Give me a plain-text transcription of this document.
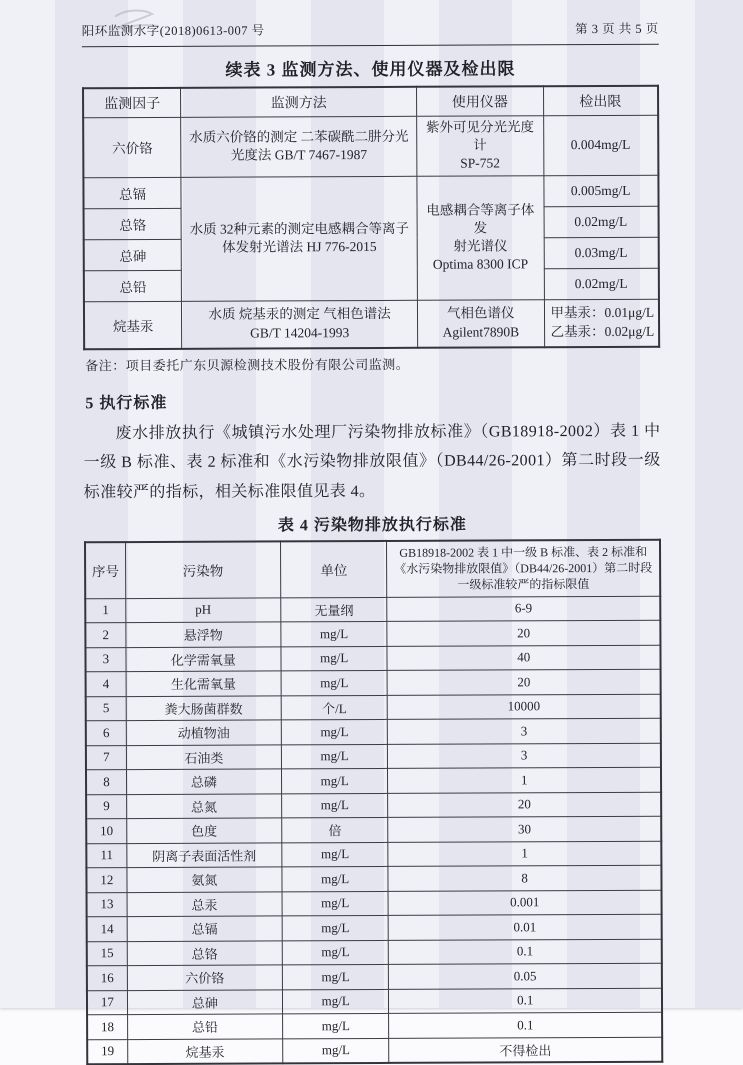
阳环监测水字(2018)0613-007 号	第 3 页 共 5 页
续表 3 监测方法、使用仪器及检出限
监测因子	监测方法	使用仪器	检出限
六价铬	水质六价铬的测定 二苯碳酰二肼分光光度法 GB/T 7467-1987	紫外可见分光光度计
SP-752	0.004mg/L
总镉	水质 32种元素的测定电感耦合等离子体发射光谱法 HJ 776-2015	电感耦合等离子体发
射光谱仪
Optima 8300 ICP	0.005mg/L
总铬			0.02mg/L
总砷			0.03mg/L
总铅			0.02mg/L
烷基汞	水质 烷基汞的测定 气相色谱法
GB/T 14204-1993	气相色谱仪
Agilent7890B	甲基汞：0.01μg/L
乙基汞：0.02μg/L
备注：项目委托广东贝源检测技术股份有限公司监测。
5 执行标准
废水排放执行《城镇污水处理厂污染物排放标准》（GB18918-2002）表 1 中一级 B 标准、表 2 标准和《水污染物排放限值》（DB44/26-2001）第二时段一级标准较严的指标，相关标准限值见表 4。
表 4 污染物排放执行标准
序号	污染物	单位	GB18918-2002 表 1 中一级 B 标准、表 2 标准和《水污染物排放限值》（DB44/26-2001）第二时段一级标准较严的指标限值
1	pH	无量纲	6-9
2	悬浮物	mg/L	20
3	化学需氧量	mg/L	40
4	生化需氧量	mg/L	20
5	粪大肠菌群数	个/L	10000
6	动植物油	mg/L	3
7	石油类	mg/L	3
8	总磷	mg/L	1
9	总氮	mg/L	20
10	色度	倍	30
11	阴离子表面活性剂	mg/L	1
12	氨氮	mg/L	8
13	总汞	mg/L	0.001
14	总镉	mg/L	0.01
15	总铬	mg/L	0.1
16	六价铬	mg/L	0.05
17	总砷	mg/L	0.1
18	总铅	mg/L	0.1
19	烷基汞	mg/L	不得检出
